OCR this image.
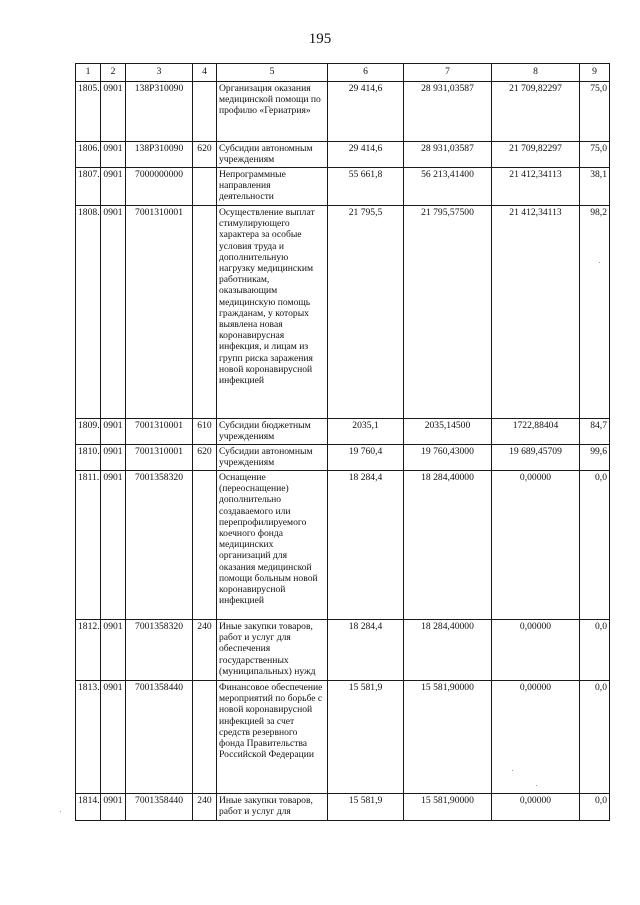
195
1	2	3	4	5	6	7	8	9
1805.	0901	138P310090		Организация оказания медицинской помощи по профилю «Гериатрия»	29 414,6	28 931,03587	21 709,82297	75,0
1806.	0901	138P310090	620	Субсидии автономным учреждениям	29 414,6	28 931,03587	21 709,82297	75,0
1807.	0901	7000000000		Непрограммные направления деятельности	55 661,8	56 213,41400	21 412,34113	38,1
1808.	0901	7001310001		Осуществление выплат стимулирующего характера за особые условия труда и дополнительную нагрузку медицинским работникам, оказывающим медицинскую помощь гражданам, у которых выявлена новая коронавирусная инфекция, и лицам из групп риска заражения новой коронавирусной инфекцией	21 795,5	21 795,57500	21 412,34113	98,2
1809.	0901	7001310001	610	Субсидии бюджетным учреждениям	2035,1	2035,14500	1722,88404	84,7
1810.	0901	7001310001	620	Субсидии автономным учреждениям	19 760,4	19 760,43000	19 689,45709	99,6
1811.	0901	7001358320		Оснащение (переоснащение) дополнительно создаваемого или перепрофилируемого коечного фонда медицинских организаций для оказания медицинской помощи больным новой коронавирусной инфекцией	18 284,4	18 284,40000	0,00000	0,0
1812.	0901	7001358320	240	Иные закупки товаров, работ и услуг для обеспечения государственных (муниципальных) нужд	18 284,4	18 284,40000	0,00000	0,0
1813.	0901	7001358440		Финансовое обеспечение мероприятий по борьбе с новой коронавирусной инфекцией за счет средств резервного фонда Правительства Российской Федерации	15 581,9	15 581,90000	0,00000	0,0
1814.	0901	7001358440	240	Иные закупки товаров, работ и услуг для	15 581,9	15 581,90000	0,00000	0,0
